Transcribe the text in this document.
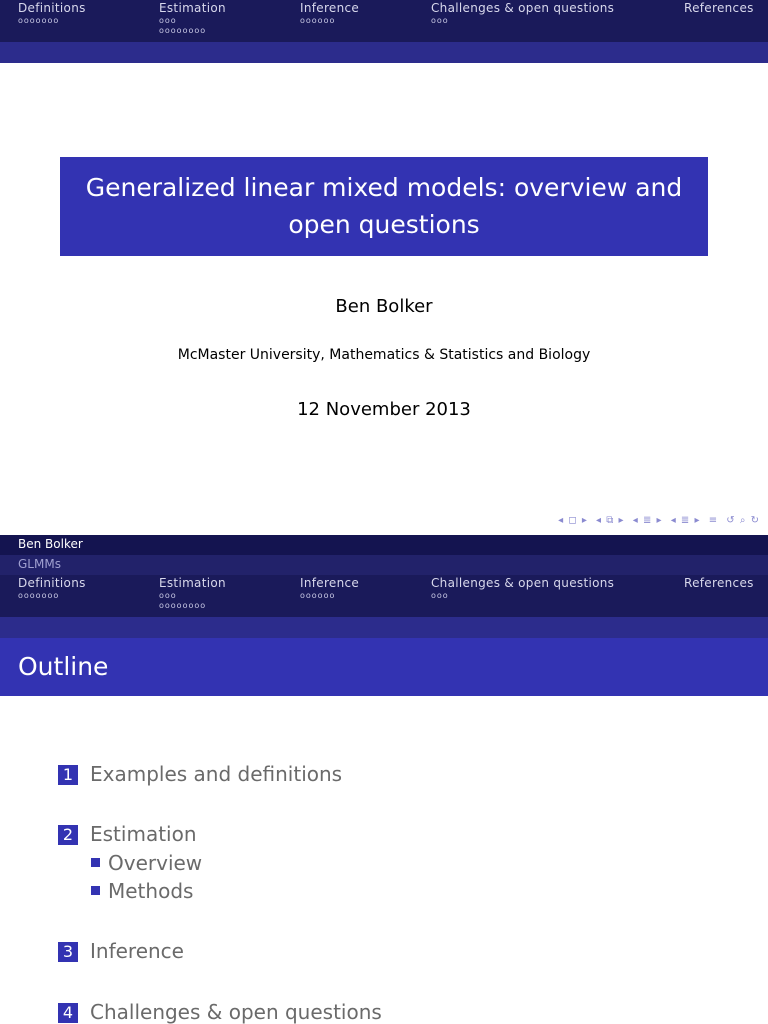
Definitions
ooooooo
Estimation
ooo
oooooooo
Inference
oooooo
Challenges & open questions
ooo
References
Generalized linear mixed models: overview and
open questions
Ben Bolker
McMaster University, Mathematics & Statistics and Biology
12 November 2013
◂ ◻ ▸ ◂ ⧉ ▸ ◂ ≣ ▸ ◂ ≣ ▸ ≡ ↺ ⌕ ↻
Ben Bolker
GLMMs
Definitions
ooooooo
Estimation
ooo
oooooooo
Inference
oooooo
Challenges & open questions
ooo
References
Outline
1 Examples and definitions
2 Estimation
Overview
Methods
3 Inference
4 Challenges & open questions
